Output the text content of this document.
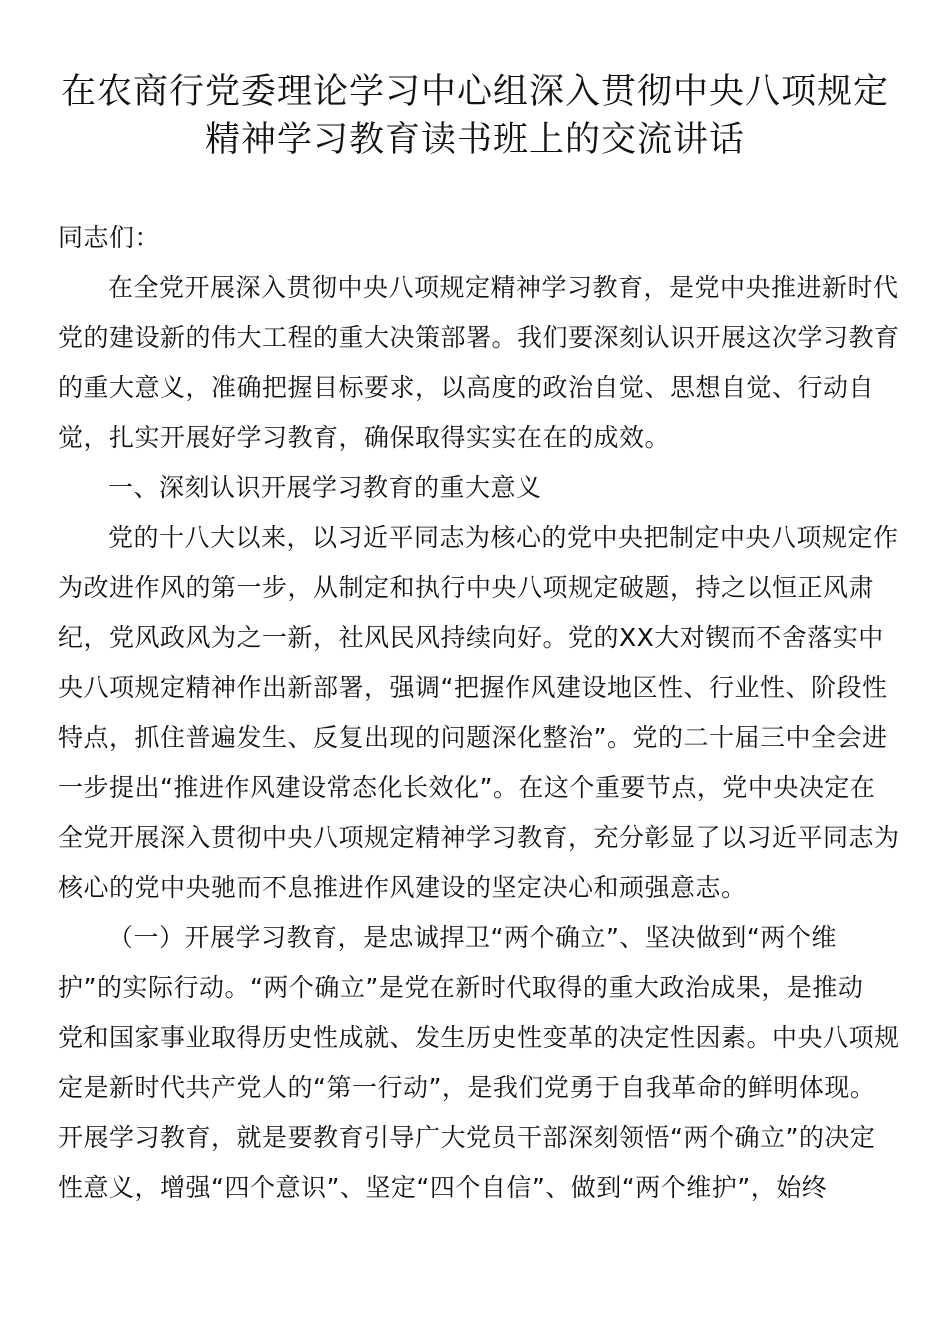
在农商行党委理论学习中心组深入贯彻中央八项规定
精神学习教育读书班上的交流讲话
同志们：
在全党开展深入贯彻中央八项规定精神学习教育，是党中央推进新时代
党的建设新的伟大工程的重大决策部署。我们要深刻认识开展这次学习教育
的重大意义，准确把握目标要求，以高度的政治自觉、思想自觉、行动自
觉，扎实开展好学习教育，确保取得实实在在的成效。
一、深刻认识开展学习教育的重大意义
党的十八大以来，以习近平同志为核心的党中央把制定中央八项规定作
为改进作风的第一步，从制定和执行中央八项规定破题，持之以恒正风肃
纪，党风政风为之一新，社风民风持续向好。党的XX大对锲而不舍落实中
央八项规定精神作出新部署，强调“把握作风建设地区性、行业性、阶段性
特点，抓住普遍发生、反复出现的问题深化整治”。党的二十届三中全会进
一步提出“推进作风建设常态化长效化”。在这个重要节点，党中央决定在
全党开展深入贯彻中央八项规定精神学习教育，充分彰显了以习近平同志为
核心的党中央驰而不息推进作风建设的坚定决心和顽强意志。
（一）开展学习教育，是忠诚捍卫“两个确立”、坚决做到“两个维
护”的实际行动。“两个确立”是党在新时代取得的重大政治成果，是推动
党和国家事业取得历史性成就、发生历史性变革的决定性因素。中央八项规
定是新时代共产党人的“第一行动”，是我们党勇于自我革命的鲜明体现。
开展学习教育，就是要教育引导广大党员干部深刻领悟“两个确立”的决定
性意义，增强“四个意识”、坚定“四个自信”、做到“两个维护”，始终
